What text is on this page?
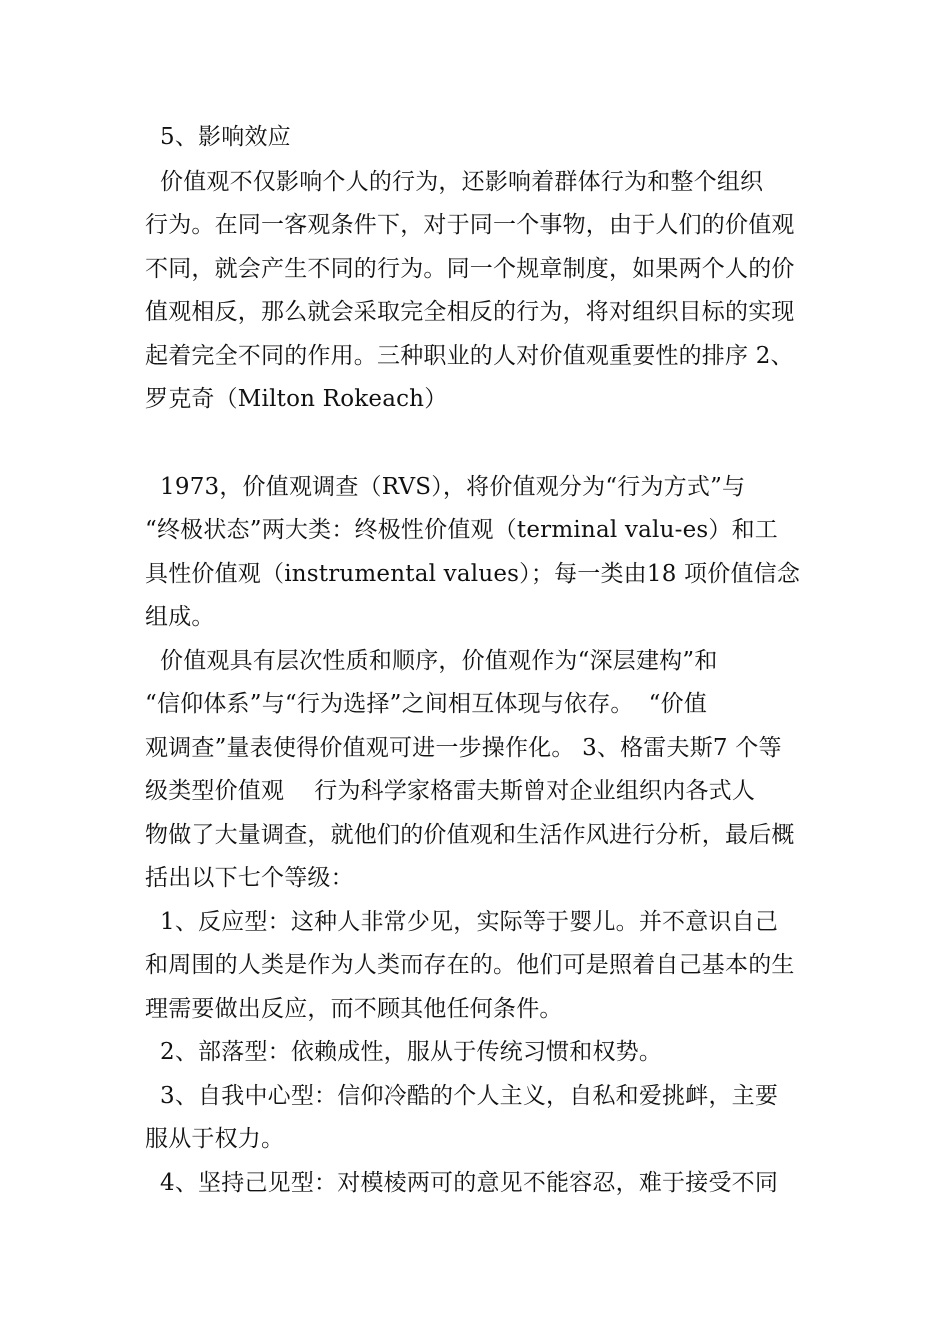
5、影响效应
价值观不仅影响个人的行为，还影响着群体行为和整个组织
行为。在同一客观条件下，对于同一个事物，由于人们的价值观
不同，就会产生不同的行为。同一个规章制度，如果两个人的价
值观相反，那么就会采取完全相反的行为，将对组织目标的实现
起着完全不同的作用。三种职业的人对价值观重要性的排序 2、
罗克奇（Milton Rokeach）
1973，价值观调查（RVS），将价值观分为“行为方式”与
“终极状态”两大类：终极性价值观（terminal valu-es）和工
具性价值观（instrumental values）；每一类由18 项价值信念
组成。
价值观具有层次性质和顺序，价值观作为“深层建构”和
“信仰体系”与“行为选择”之间相互体现与依存。  “价值
观调查”量表使得价值观可进一步操作化。 3、格雷夫斯7 个等
级类型价值观    行为科学家格雷夫斯曾对企业组织内各式人
物做了大量调查，就他们的价值观和生活作风进行分析，最后概
括出以下七个等级：
1、反应型：这种人非常少见，实际等于婴儿。并不意识自己
和周围的人类是作为人类而存在的。他们可是照着自己基本的生
理需要做出反应，而不顾其他任何条件。
2、部落型：依赖成性，服从于传统习惯和权势。
3、自我中心型：信仰冷酷的个人主义，自私和爱挑衅，主要
服从于权力。
4、坚持己见型：对模棱两可的意见不能容忍，难于接受不同
